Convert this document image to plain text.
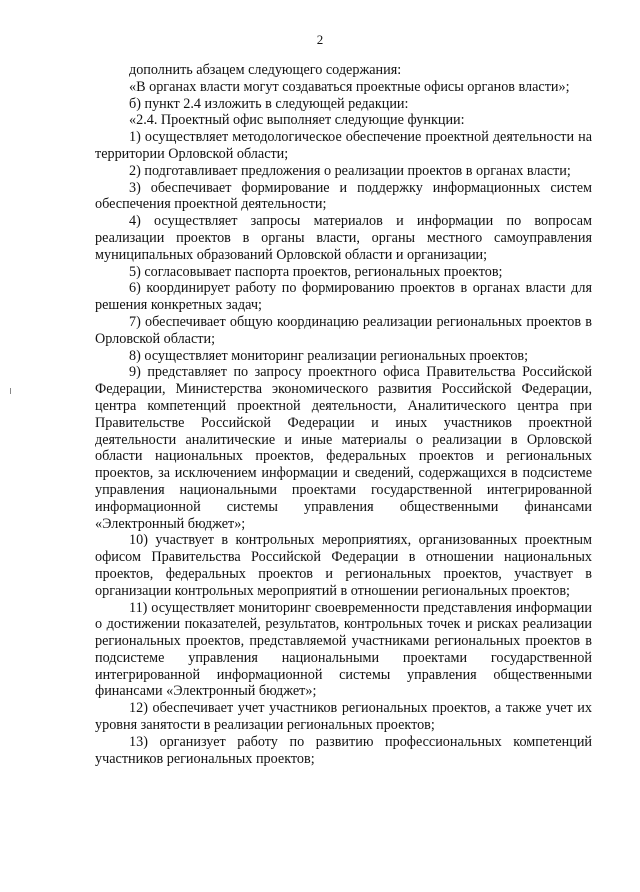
2

дополнить абзацем следующего содержания:

«В органах власти могут создаваться проектные офисы органов власти»;

б) пункт 2.4 изложить в следующей редакции:

«2.4. Проектный офис выполняет следующие функции:

1) осуществляет методологическое обеспечение проектной деятельности на территории Орловской области;

2) подготавливает предложения о реализации проектов в органах власти;

3) обеспечивает формирование и поддержку информационных систем обеспечения проектной деятельности;

4) осуществляет запросы материалов и информации по вопросам реализации проектов в органы власти, органы местного самоуправления муниципальных образований Орловской области и организации;

5) согласовывает паспорта проектов, региональных проектов;

6) координирует работу по формированию проектов в органах власти для решения конкретных задач;

7) обеспечивает общую координацию реализации региональных проектов в Орловской области;

8) осуществляет мониторинг реализации региональных проектов;

9) представляет по запросу проектного офиса Правительства Российской Федерации, Министерства экономического развития Российской Федерации, центра компетенций проектной деятельности, Аналитического центра при Правительстве Российской Федерации и иных участников проектной деятельности аналитические и иные материалы о реализации в Орловской области национальных проектов, федеральных проектов и региональных проектов, за исключением информации и сведений, содержащихся в подсистеме управления национальными проектами государственной интегрированной информационной системы управления общественными финансами «Электронный бюджет»;

10) участвует в контрольных мероприятиях, организованных проектным офисом Правительства Российской Федерации в отношении национальных проектов, федеральных проектов и региональных проектов, участвует в организации контрольных мероприятий в отношении региональных проектов;

11) осуществляет мониторинг своевременности представления информации о достижении показателей, результатов, контрольных точек и рисках реализации региональных проектов, представляемой участниками региональных проектов в подсистеме управления национальными проектами государственной интегрированной информационной системы управления общественными финансами «Электронный бюджет»;

12) обеспечивает учет участников региональных проектов, а также учет их уровня занятости в реализации региональных проектов;

13) организует работу по развитию профессиональных компетенций участников региональных проектов;
